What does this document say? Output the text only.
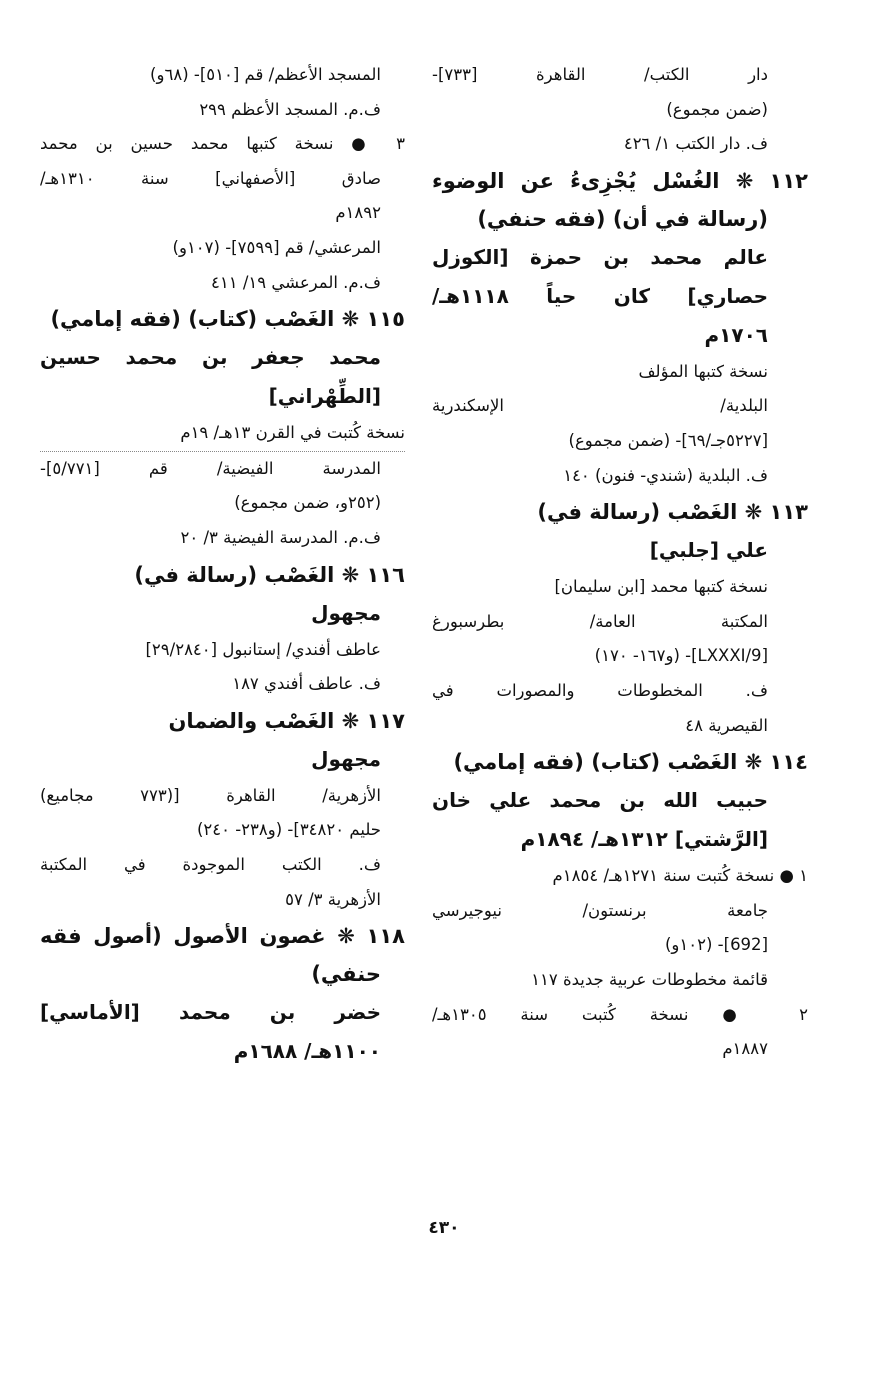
دار الكتب/ القاهرة [٧٣٣]-
(ضمن مجموع)
ف. دار الكتب ١/ ٤٢٦
١١٢ ❋ الغُسْل يُجْزِىءُ عن الوضوء
(رسالة في أن) (فقه حنفي)
عالم محمد بن حمزة [الكوزل
حصاري] كان حياً ١١١٨هـ/
١٧٠٦م
نسخة كتبها المؤلف
البلدية/ الإسكندرية
[٥٢٢٧جـ/٦٩]- (ضمن مجموع)
ف. البلدية (شندي- فنون) ١٤٠
١١٣ ❋ الغَصْب (رسالة في)
علي [جلبي]
نسخة كتبها محمد [ابن سليمان]
المكتبة العامة/ بطرسبورغ
[LXXXI/9]- (و١٦٧- ١٧٠)
ف. المخطوطات والمصورات في
القيصرية ٤٨
١١٤ ❋ الغَصْب (كتاب) (فقه إمامي)
حبيب الله بن محمد علي خان
[الرَّشتي] ١٣١٢هـ/ ١٨٩٤م
١ ● نسخة كُتبت سنة ١٢٧١هـ/ ١٨٥٤م
جامعة برنستون/ نيوجيرسي
[692]- (١٠٢و)
قائمة مخطوطات عربية جديدة ١١٧
٢ ● نسخة كُتبت سنة ١٣٠٥هـ/
١٨٨٧م
المسجد الأعظم/ قم [٥١٠]- (٦٨و)
ف.م. المسجد الأعظم ٢٩٩
٣ ● نسخة كتبها محمد حسين بن محمد
صادق [الأصفهاني] سنة ١٣١٠هـ/
١٨٩٢م
المرعشي/ قم [٧٥٩٩]- (١٠٧و)
ف.م. المرعشي ١٩/ ٤١١
١١٥ ❋ الغَصْب (كتاب) (فقه إمامي)
محمد جعفر بن محمد حسين
[الطِّهْراني]
نسخة كُتبت في القرن ١٣هـ/ ١٩م
المدرسة الفيضية/ قم [٥/٧٧١]-
(٢٥٢و، ضمن مجموع)
ف.م. المدرسة الفيضية ٣/ ٢٠
١١٦ ❋ الغَصْب (رسالة في)
مجهول
عاطف أفندي/ إستانبول [٢٩/٢٨٤٠]
ف. عاطف أفندي ١٨٧
١١٧ ❋ الغَصْب والضمان
مجهول
الأزهرية/ القاهرة [(٧٧٣ مجاميع)
حليم ٣٤٨٢٠]- (و٢٣٨- ٢٤٠)
ف. الكتب الموجودة في المكتبة
الأزهرية ٣/ ٥٧
١١٨ ❋ غصون الأصول (أصول فقه
حنفي)
خضر بن محمد [الأماسي]
١١٠٠هـ/ ١٦٨٨م
٤٣٠
